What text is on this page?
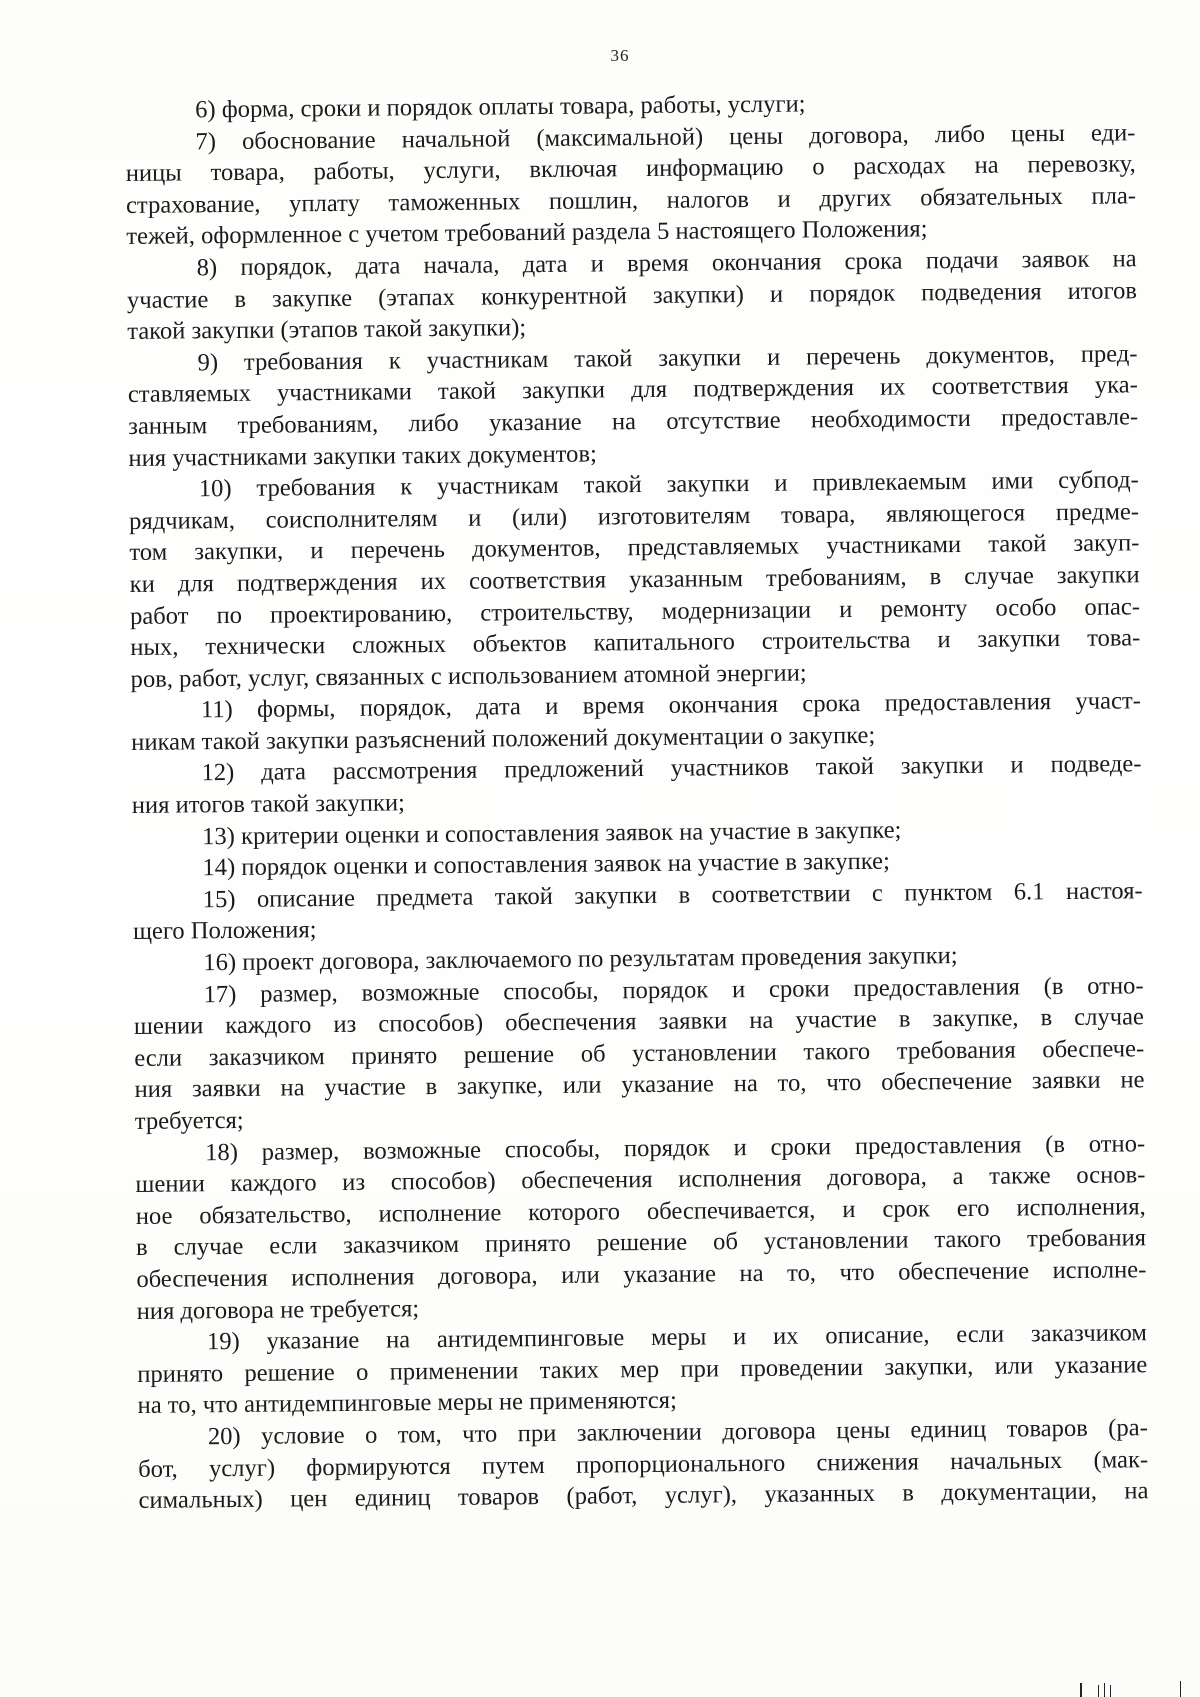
36
6) форма, сроки и порядок оплаты товара, работы, услуги;
7) обоснование начальной (максимальной) цены договора, либо цены еди-
ницы товара, работы, услуги, включая информацию о расходах на перевозку,
страхование, уплату таможенных пошлин, налогов и других обязательных пла-
тежей, оформленное с учетом требований раздела 5 настоящего Положения;
8) порядок, дата начала, дата и время окончания срока подачи заявок на
участие в закупке (этапах конкурентной закупки) и порядок подведения итогов
такой закупки (этапов такой закупки);
9) требования к участникам такой закупки и перечень документов, пред-
ставляемых участниками такой закупки для подтверждения их соответствия ука-
занным требованиям, либо указание на отсутствие необходимости предоставле-
ния участниками закупки таких документов;
10) требования к участникам такой закупки и привлекаемым ими субпод-
рядчикам, соисполнителям и (или) изготовителям товара, являющегося предме-
том закупки, и перечень документов, представляемых участниками такой закуп-
ки для подтверждения их соответствия указанным требованиям, в случае закупки
работ по проектированию, строительству, модернизации и ремонту особо опас-
ных, технически сложных объектов капитального строительства и закупки това-
ров, работ, услуг, связанных с использованием атомной энергии;
11) формы, порядок, дата и время окончания срока предоставления участ-
никам такой закупки разъяснений положений документации о закупке;
12) дата рассмотрения предложений участников такой закупки и подведе-
ния итогов такой закупки;
13) критерии оценки и сопоставления заявок на участие в закупке;
14) порядок оценки и сопоставления заявок на участие в закупке;
15) описание предмета такой закупки в соответствии с пунктом 6.1 настоя-
щего Положения;
16) проект договора, заключаемого по результатам проведения закупки;
17) размер, возможные способы, порядок и сроки предоставления (в отно-
шении каждого из способов) обеспечения заявки на участие в закупке, в случае
если заказчиком принято решение об установлении такого требования обеспече-
ния заявки на участие в закупке, или указание на то, что обеспечение заявки не
требуется;
18) размер, возможные способы, порядок и сроки предоставления (в отно-
шении каждого из способов) обеспечения исполнения договора, а также основ-
ное обязательство, исполнение которого обеспечивается, и срок его исполнения,
в случае если заказчиком принято решение об установлении такого требования
обеспечения исполнения договора, или указание на то, что обеспечение исполне-
ния договора не требуется;
19) указание на антидемпинговые меры и их описание, если заказчиком
принято решение о применении таких мер при проведении закупки, или указание
на то, что антидемпинговые меры не применяются;
20) условие о том, что при заключении договора цены единиц товаров (ра-
бот, услуг) формируются путем пропорционального снижения начальных (мак-
симальных) цен единиц товаров (работ, услуг), указанных в документации, на
